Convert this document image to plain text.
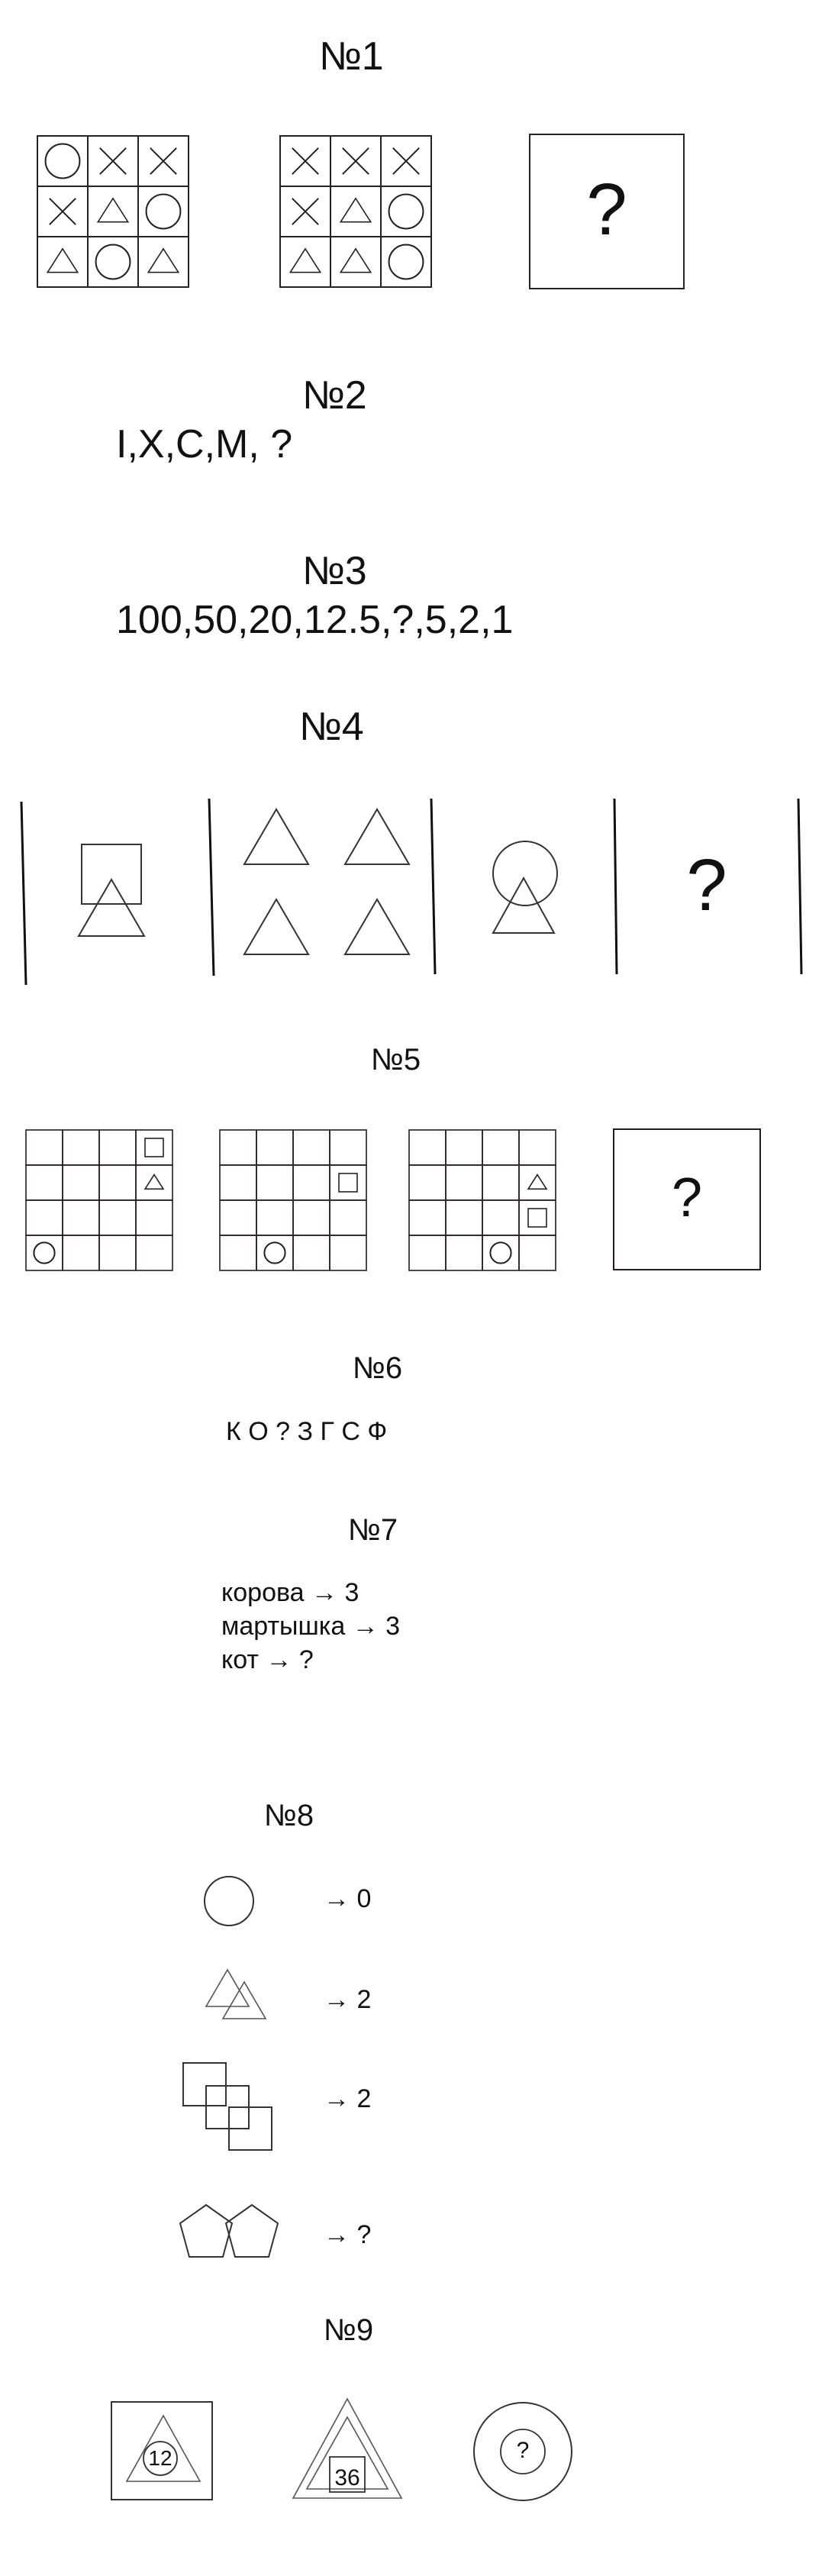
№1
?
№2
I,X,C,M, ?
№3
100,50,20,12.5,?,5,2,1
№4
?
№5
?
№6
К О ? З Г С Ф
№7
корова → 3
мартышка → 3
кот → ?
№8
→ 0
→ 2
→ 2
→ ?
№9
12
36
?
